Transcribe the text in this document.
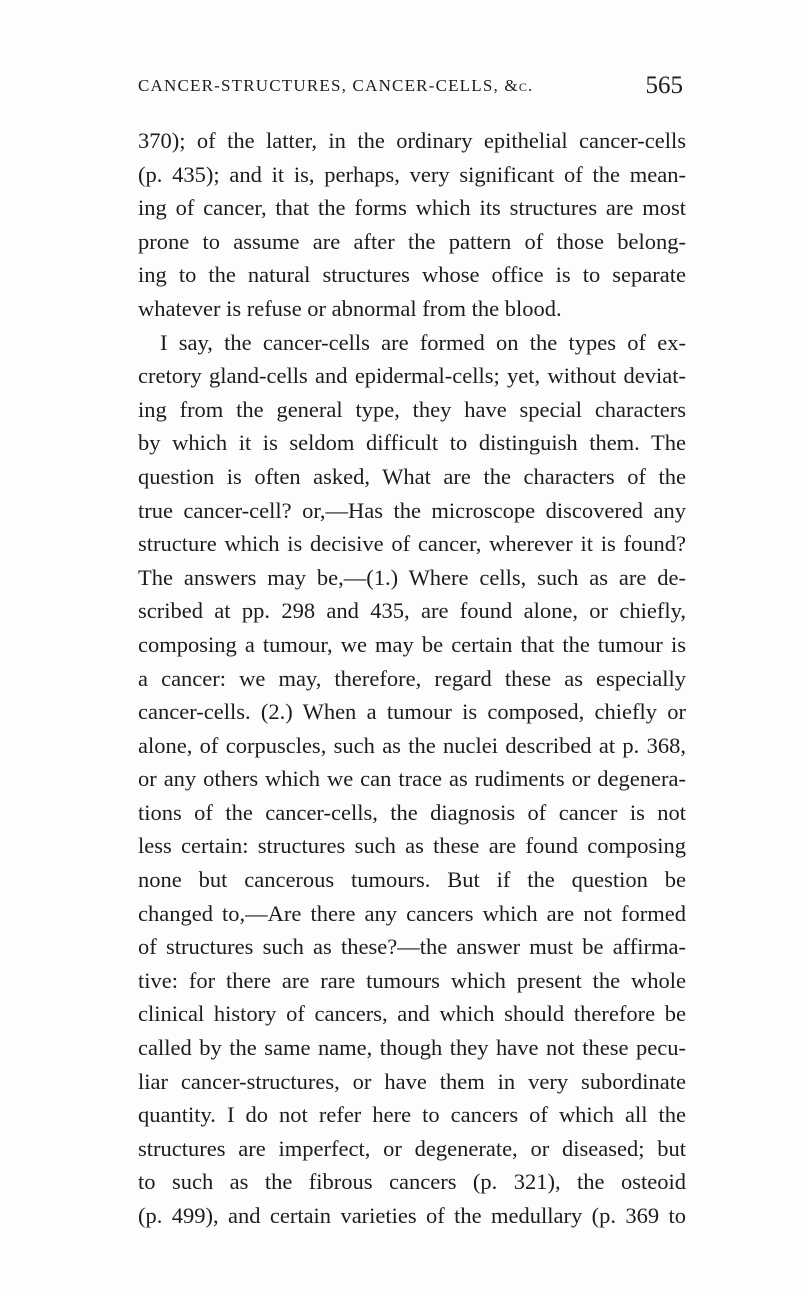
CANCER-STRUCTURES, CANCER-CELLS, &c.	565
370); of the latter, in the ordinary epithelial cancer-cells
(p. 435); and it is, perhaps, very significant of the mean-
ing of cancer, that the forms which its structures are most
prone to assume are after the pattern of those belong-
ing to the natural structures whose office is to separate
whatever is refuse or abnormal from the blood.
I say, the cancer-cells are formed on the types of ex-
cretory gland-cells and epidermal-cells; yet, without deviat-
ing from the general type, they have special characters
by which it is seldom difficult to distinguish them. The
question is often asked, What are the characters of the
true cancer-cell? or,—Has the microscope discovered any
structure which is decisive of cancer, wherever it is found?
The answers may be,—(1.) Where cells, such as are de-
scribed at pp. 298 and 435, are found alone, or chiefly,
composing a tumour, we may be certain that the tumour is
a cancer: we may, therefore, regard these as especially
cancer-cells. (2.) When a tumour is composed, chiefly or
alone, of corpuscles, such as the nuclei described at p. 368,
or any others which we can trace as rudiments or degenera-
tions of the cancer-cells, the diagnosis of cancer is not
less certain: structures such as these are found composing
none but cancerous tumours. But if the question be
changed to,—Are there any cancers which are not formed
of structures such as these?—the answer must be affirma-
tive: for there are rare tumours which present the whole
clinical history of cancers, and which should therefore be
called by the same name, though they have not these pecu-
liar cancer-structures, or have them in very subordinate
quantity. I do not refer here to cancers of which all the
structures are imperfect, or degenerate, or diseased; but
to such as the fibrous cancers (p. 321), the osteoid
(p. 499), and certain varieties of the medullary (p. 369 to
